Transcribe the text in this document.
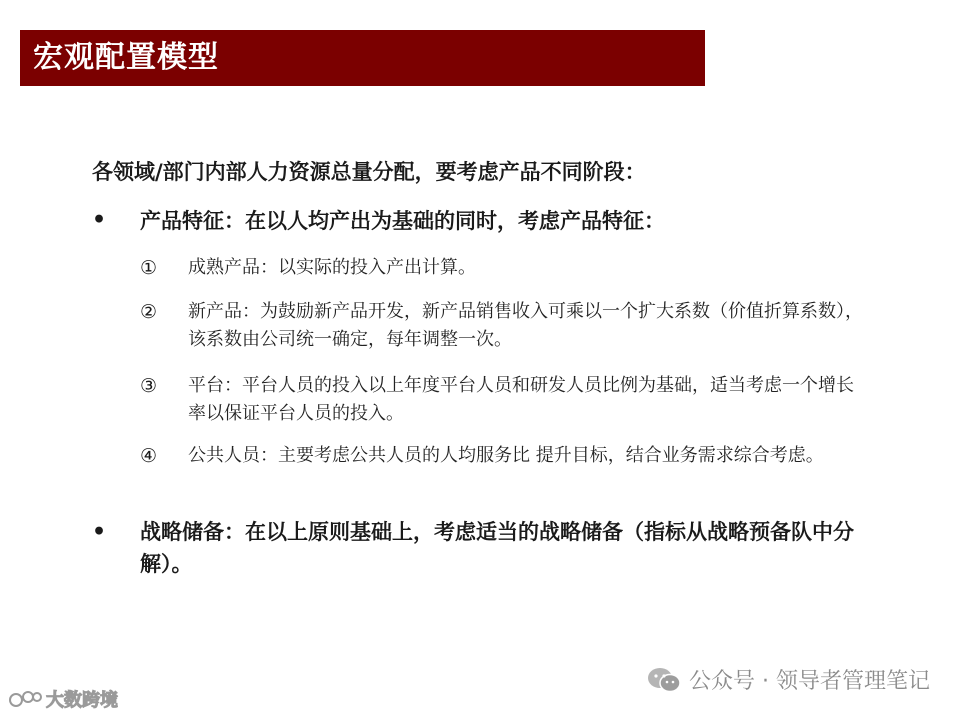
宏观配置模型
各领域/部门内部人力资源总量分配，要考虑产品不同阶段：
• 产品特征：在以人均产出为基础的同时，考虑产品特征：
① 成熟产品：以实际的投入产出计算。
② 新产品：为鼓励新产品开发，新产品销售收入可乘以一个扩大系数（价值折算系数），该系数由公司统一确定，每年调整一次。
③ 平台：平台人员的投入以上年度平台人员和研发人员比例为基础，适当考虑一个增长率以保证平台人员的投入。
④ 公共人员：主要考虑公共人员的人均服务比 提升目标，结合业务需求综合考虑。
• 战略储备：在以上原则基础上，考虑适当的战略储备（指标从战略预备队中分解）。
公众号 · 领导者管理笔记
大数跨境
